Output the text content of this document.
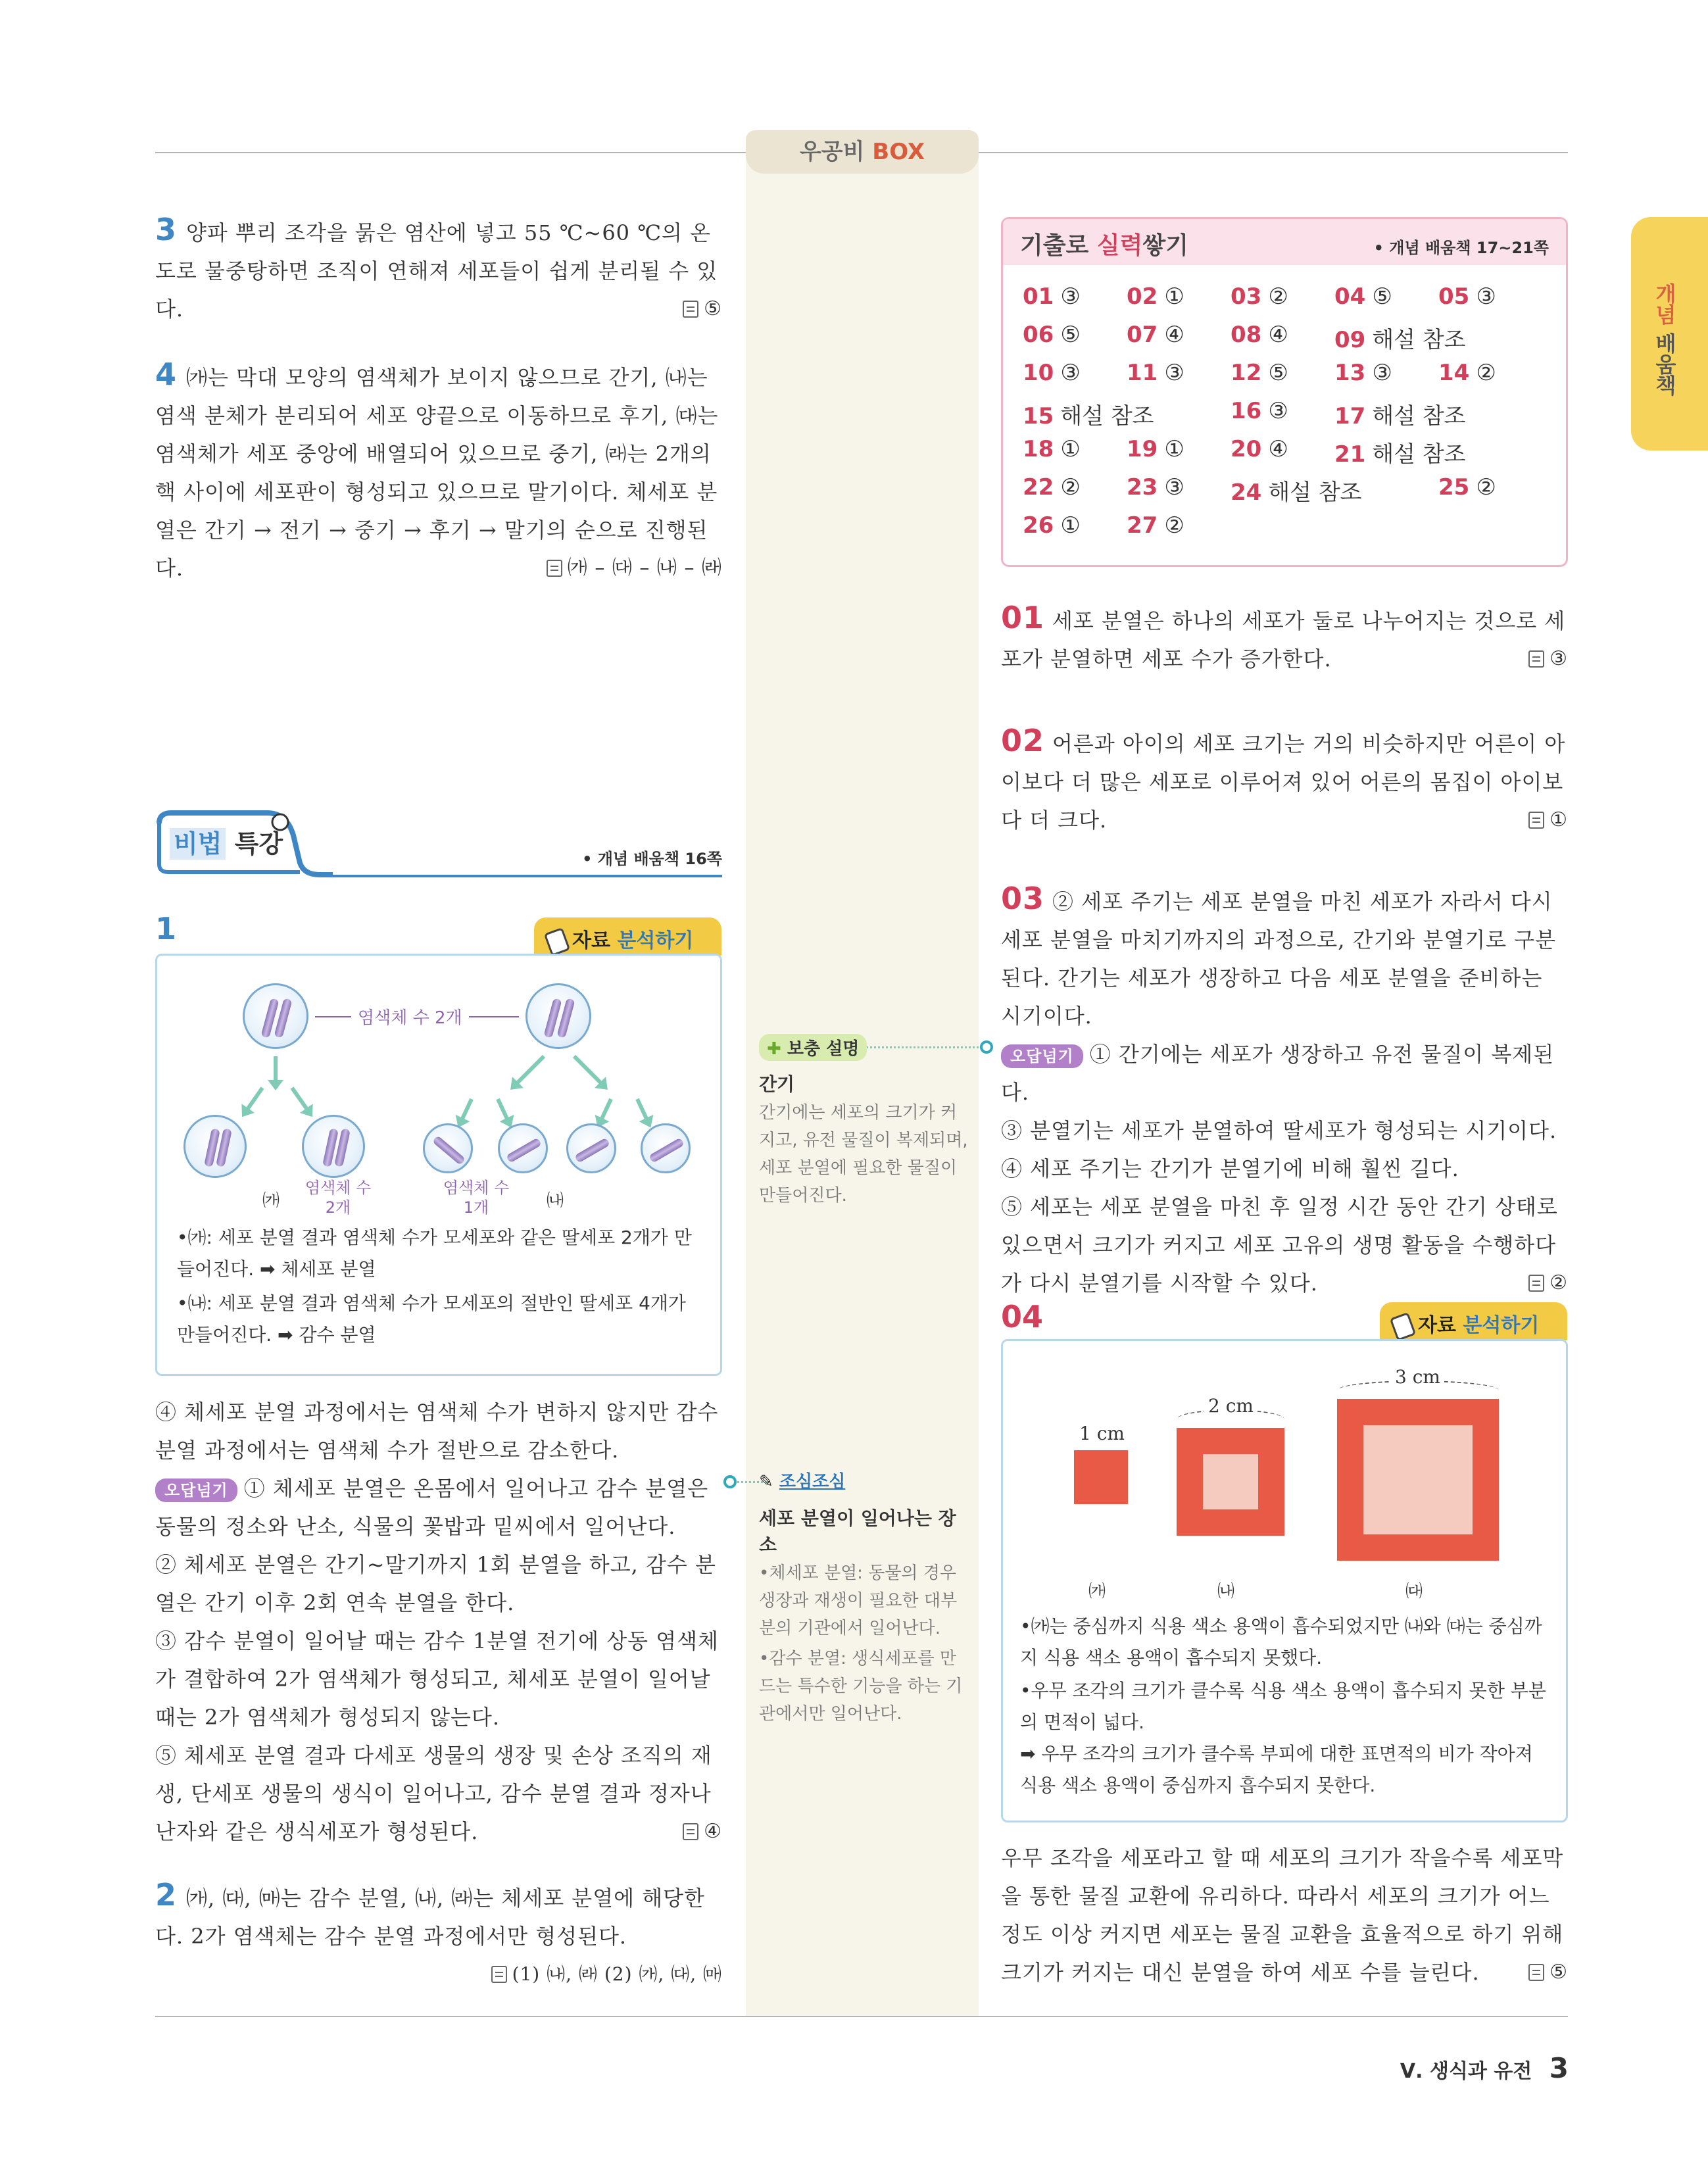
우공비 BOX
개념 배움책
3 양파 뿌리 조각을 묽은 염산에 넣고 55 ℃~60 ℃의 온도로 물중탕하면 조직이 연해져 세포들이 쉽게 분리될 수 있다.	⑤
4 ㈎는 막대 모양의 염색체가 보이지 않으므로 간기, ㈏는 염색 분체가 분리되어 세포 양끝으로 이동하므로 후기, ㈐는 염색체가 세포 중앙에 배열되어 있으므로 중기, ㈑는 2개의 핵 사이에 세포판이 형성되고 있으므로 말기이다. 체세포 분열은 간기 → 전기 → 중기 → 후기 → 말기의 순으로 진행된다.	㈎ – ㈐ – ㈏ – ㈑
비법 특강
• 개념 배움책 16쪽
1	자료 분석하기
염색체 수 2개
㈎
염색체 수
2개
염색체 수
1개	㈏
•㈎: 세포 분열 결과 염색체 수가 모세포와 같은 딸세포 2개가 만들어진다. ➡ 체세포 분열
•㈏: 세포 분열 결과 염색체 수가 모세포의 절반인 딸세포 4개가 만들어진다. ➡ 감수 분열
④ 체세포 분열 과정에서는 염색체 수가 변하지 않지만 감수 분열 과정에서는 염색체 수가 절반으로 감소한다.
오답넘기 ① 체세포 분열은 온몸에서 일어나고 감수 분열은 동물의 정소와 난소, 식물의 꽃밥과 밑씨에서 일어난다.
② 체세포 분열은 간기~말기까지 1회 분열을 하고, 감수 분열은 간기 이후 2회 연속 분열을 한다.
③ 감수 분열이 일어날 때는 감수 1분열 전기에 상동 염색체가 결합하여 2가 염색체가 형성되고, 체세포 분열이 일어날 때는 2가 염색체가 형성되지 않는다.
⑤ 체세포 분열 결과 다세포 생물의 생장 및 손상 조직의 재생, 단세포 생물의 생식이 일어나고, 감수 분열 결과 정자나 난자와 같은 생식세포가 형성된다.	④
2 ㈎, ㈐, ㈒는 감수 분열, ㈏, ㈑는 체세포 분열에 해당한다. 2가 염색체는 감수 분열 과정에서만 형성된다.
(1) ㈏, ㈑ (2) ㈎, ㈐, ㈒
✚ 보충 설명
간기
간기에는 세포의 크기가 커지고, 유전 물질이 복제되며, 세포 분열에 필요한 물질이 만들어진다.
✎ 조심조심
세포 분열이 일어나는 장소
•체세포 분열: 동물의 경우 생장과 재생이 필요한 대부분의 기관에서 일어난다.
•감수 분열: 생식세포를 만드는 특수한 기능을 하는 기관에서만 일어난다.
기출로 실력쌓기	• 개념 배움책 17~21쪽
01 ③ 02 ① 03 ② 04 ⑤ 05 ③
06 ⑤ 07 ④ 08 ④ 09 해설 참조
10 ③ 11 ③ 12 ⑤ 13 ③ 14 ②
15 해설 참조	16 ③ 17 해설 참조
18 ① 19 ① 20 ④ 21 해설 참조
22 ② 23 ③ 24 해설 참조	25 ②
26 ① 27 ②
01 세포 분열은 하나의 세포가 둘로 나누어지는 것으로 세포가 분열하면 세포 수가 증가한다.	③
02 어른과 아이의 세포 크기는 거의 비슷하지만 어른이 아이보다 더 많은 세포로 이루어져 있어 어른의 몸집이 아이보다 더 크다.	①
03 ② 세포 주기는 세포 분열을 마친 세포가 자라서 다시 세포 분열을 마치기까지의 과정으로, 간기와 분열기로 구분된다. 간기는 세포가 생장하고 다음 세포 분열을 준비하는 시기이다.
오답넘기 ① 간기에는 세포가 생장하고 유전 물질이 복제된다.
③ 분열기는 세포가 분열하여 딸세포가 형성되는 시기이다.
④ 세포 주기는 간기가 분열기에 비해 훨씬 길다.
⑤ 세포는 세포 분열을 마친 후 일정 시간 동안 간기 상태로 있으면서 크기가 커지고 세포 고유의 생명 활동을 수행하다가 다시 분열기를 시작할 수 있다.	②
04	자료 분석하기
1 cm
2 cm
3 cm
㈎	㈏	㈐
•㈎는 중심까지 식용 색소 용액이 흡수되었지만 ㈏와 ㈐는 중심까지 식용 색소 용액이 흡수되지 못했다.
•우무 조각의 크기가 클수록 식용 색소 용액이 흡수되지 못한 부분의 면적이 넓다.
➡ 우무 조각의 크기가 클수록 부피에 대한 표면적의 비가 작아져 식용 색소 용액이 중심까지 흡수되지 못한다.
우무 조각을 세포라고 할 때 세포의 크기가 작을수록 세포막을 통한 물질 교환에 유리하다. 따라서 세포의 크기가 어느 정도 이상 커지면 세포는 물질 교환을 효율적으로 하기 위해 크기가 커지는 대신 분열을 하여 세포 수를 늘린다.	⑤
Ⅴ. 생식과 유전 3
